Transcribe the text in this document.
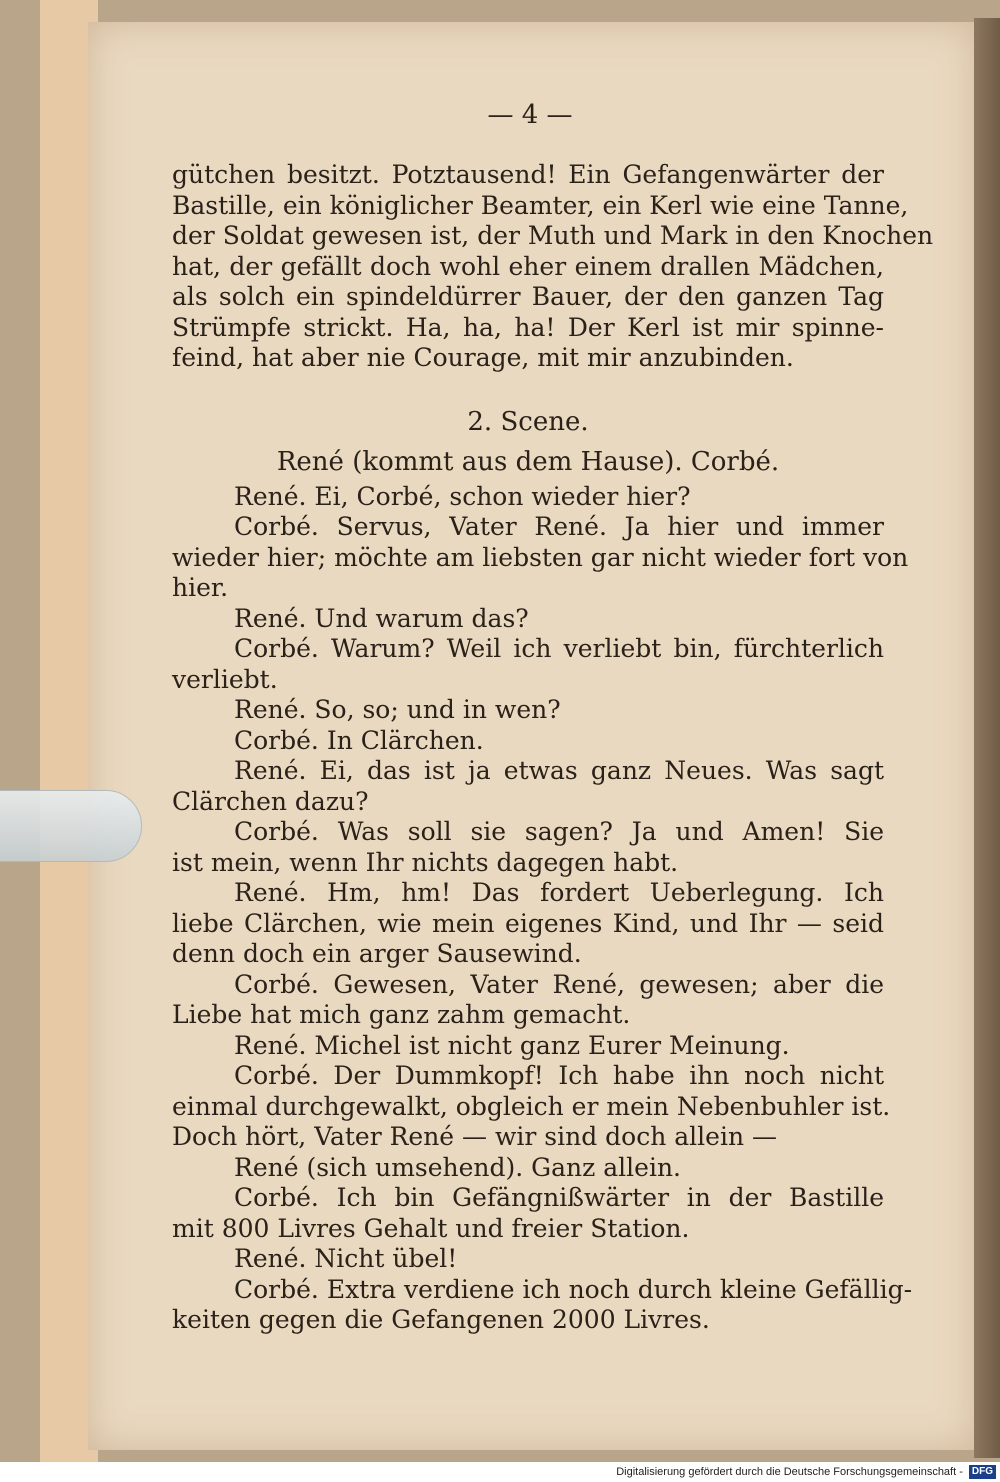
— 4 —
gütchen besitzt. Potztausend! Ein Gefangenwärter der
Bastille, ein königlicher Beamter, ein Kerl wie eine Tanne,
der Soldat gewesen ist, der Muth und Mark in den Knochen
hat, der gefällt doch wohl eher einem drallen Mädchen,
als solch ein spindeldürrer Bauer, der den ganzen Tag
Strümpfe strickt. Ha, ha, ha! Der Kerl ist mir spinne-
feind, hat aber nie Courage, mit mir anzubinden.
2. Scene.
René (kommt aus dem Hause). Corbé.
René. Ei, Corbé, schon wieder hier?
Corbé. Servus, Vater René. Ja hier und immer
wieder hier; möchte am liebsten gar nicht wieder fort von
hier.
René. Und warum das?
Corbé. Warum? Weil ich verliebt bin, fürchterlich
verliebt.
René. So, so; und in wen?
Corbé. In Clärchen.
René. Ei, das ist ja etwas ganz Neues. Was sagt
Clärchen dazu?
Corbé. Was soll sie sagen? Ja und Amen! Sie
ist mein, wenn Ihr nichts dagegen habt.
René. Hm, hm! Das fordert Ueberlegung. Ich
liebe Clärchen, wie mein eigenes Kind, und Ihr — seid
denn doch ein arger Sausewind.
Corbé. Gewesen, Vater René, gewesen; aber die
Liebe hat mich ganz zahm gemacht.
René. Michel ist nicht ganz Eurer Meinung.
Corbé. Der Dummkopf! Ich habe ihn noch nicht
einmal durchgewalkt, obgleich er mein Nebenbuhler ist.
Doch hört, Vater René — wir sind doch allein —
René (sich umsehend). Ganz allein.
Corbé. Ich bin Gefängnißwärter in der Bastille
mit 800 Livres Gehalt und freier Station.
René. Nicht übel!
Corbé. Extra verdiene ich noch durch kleine Gefällig-
keiten gegen die Gefangenen 2000 Livres.
Digitalisierung gefördert durch die Deutsche Forschungsgemeinschaft - DFG
